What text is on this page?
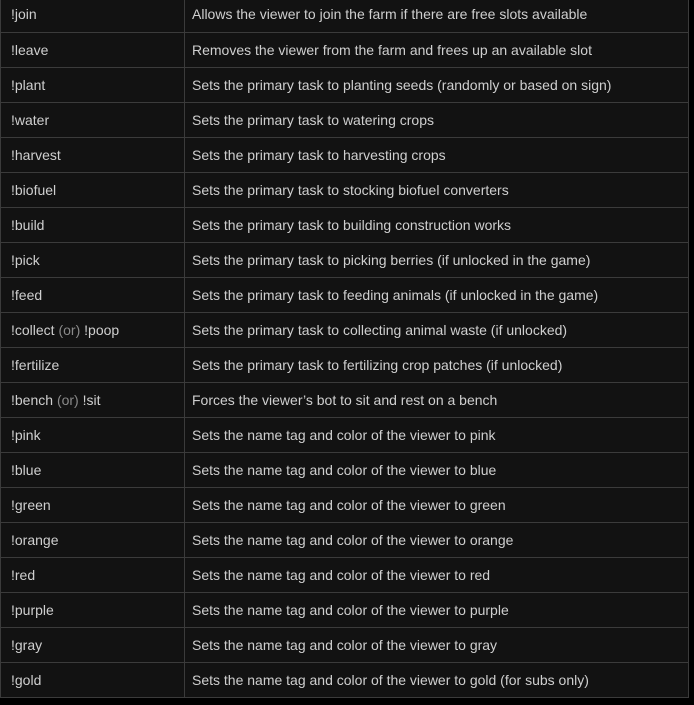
!join	Allows the viewer to join the farm if there are free slots available
!leave	Removes the viewer from the farm and frees up an available slot
!plant	Sets the primary task to planting seeds (randomly or based on sign)
!water	Sets the primary task to watering crops
!harvest	Sets the primary task to harvesting crops
!biofuel	Sets the primary task to stocking biofuel converters
!build	Sets the primary task to building construction works
!pick	Sets the primary task to picking berries (if unlocked in the game)
!feed	Sets the primary task to feeding animals (if unlocked in the game)
!collect (or) !poop	Sets the primary task to collecting animal waste (if unlocked)
!fertilize	Sets the primary task to fertilizing crop patches (if unlocked)
!bench (or) !sit	Forces the viewer’s bot to sit and rest on a bench
!pink	Sets the name tag and color of the viewer to pink
!blue	Sets the name tag and color of the viewer to blue
!green	Sets the name tag and color of the viewer to green
!orange	Sets the name tag and color of the viewer to orange
!red	Sets the name tag and color of the viewer to red
!purple	Sets the name tag and color of the viewer to purple
!gray	Sets the name tag and color of the viewer to gray
!gold	Sets the name tag and color of the viewer to gold (for subs only)
